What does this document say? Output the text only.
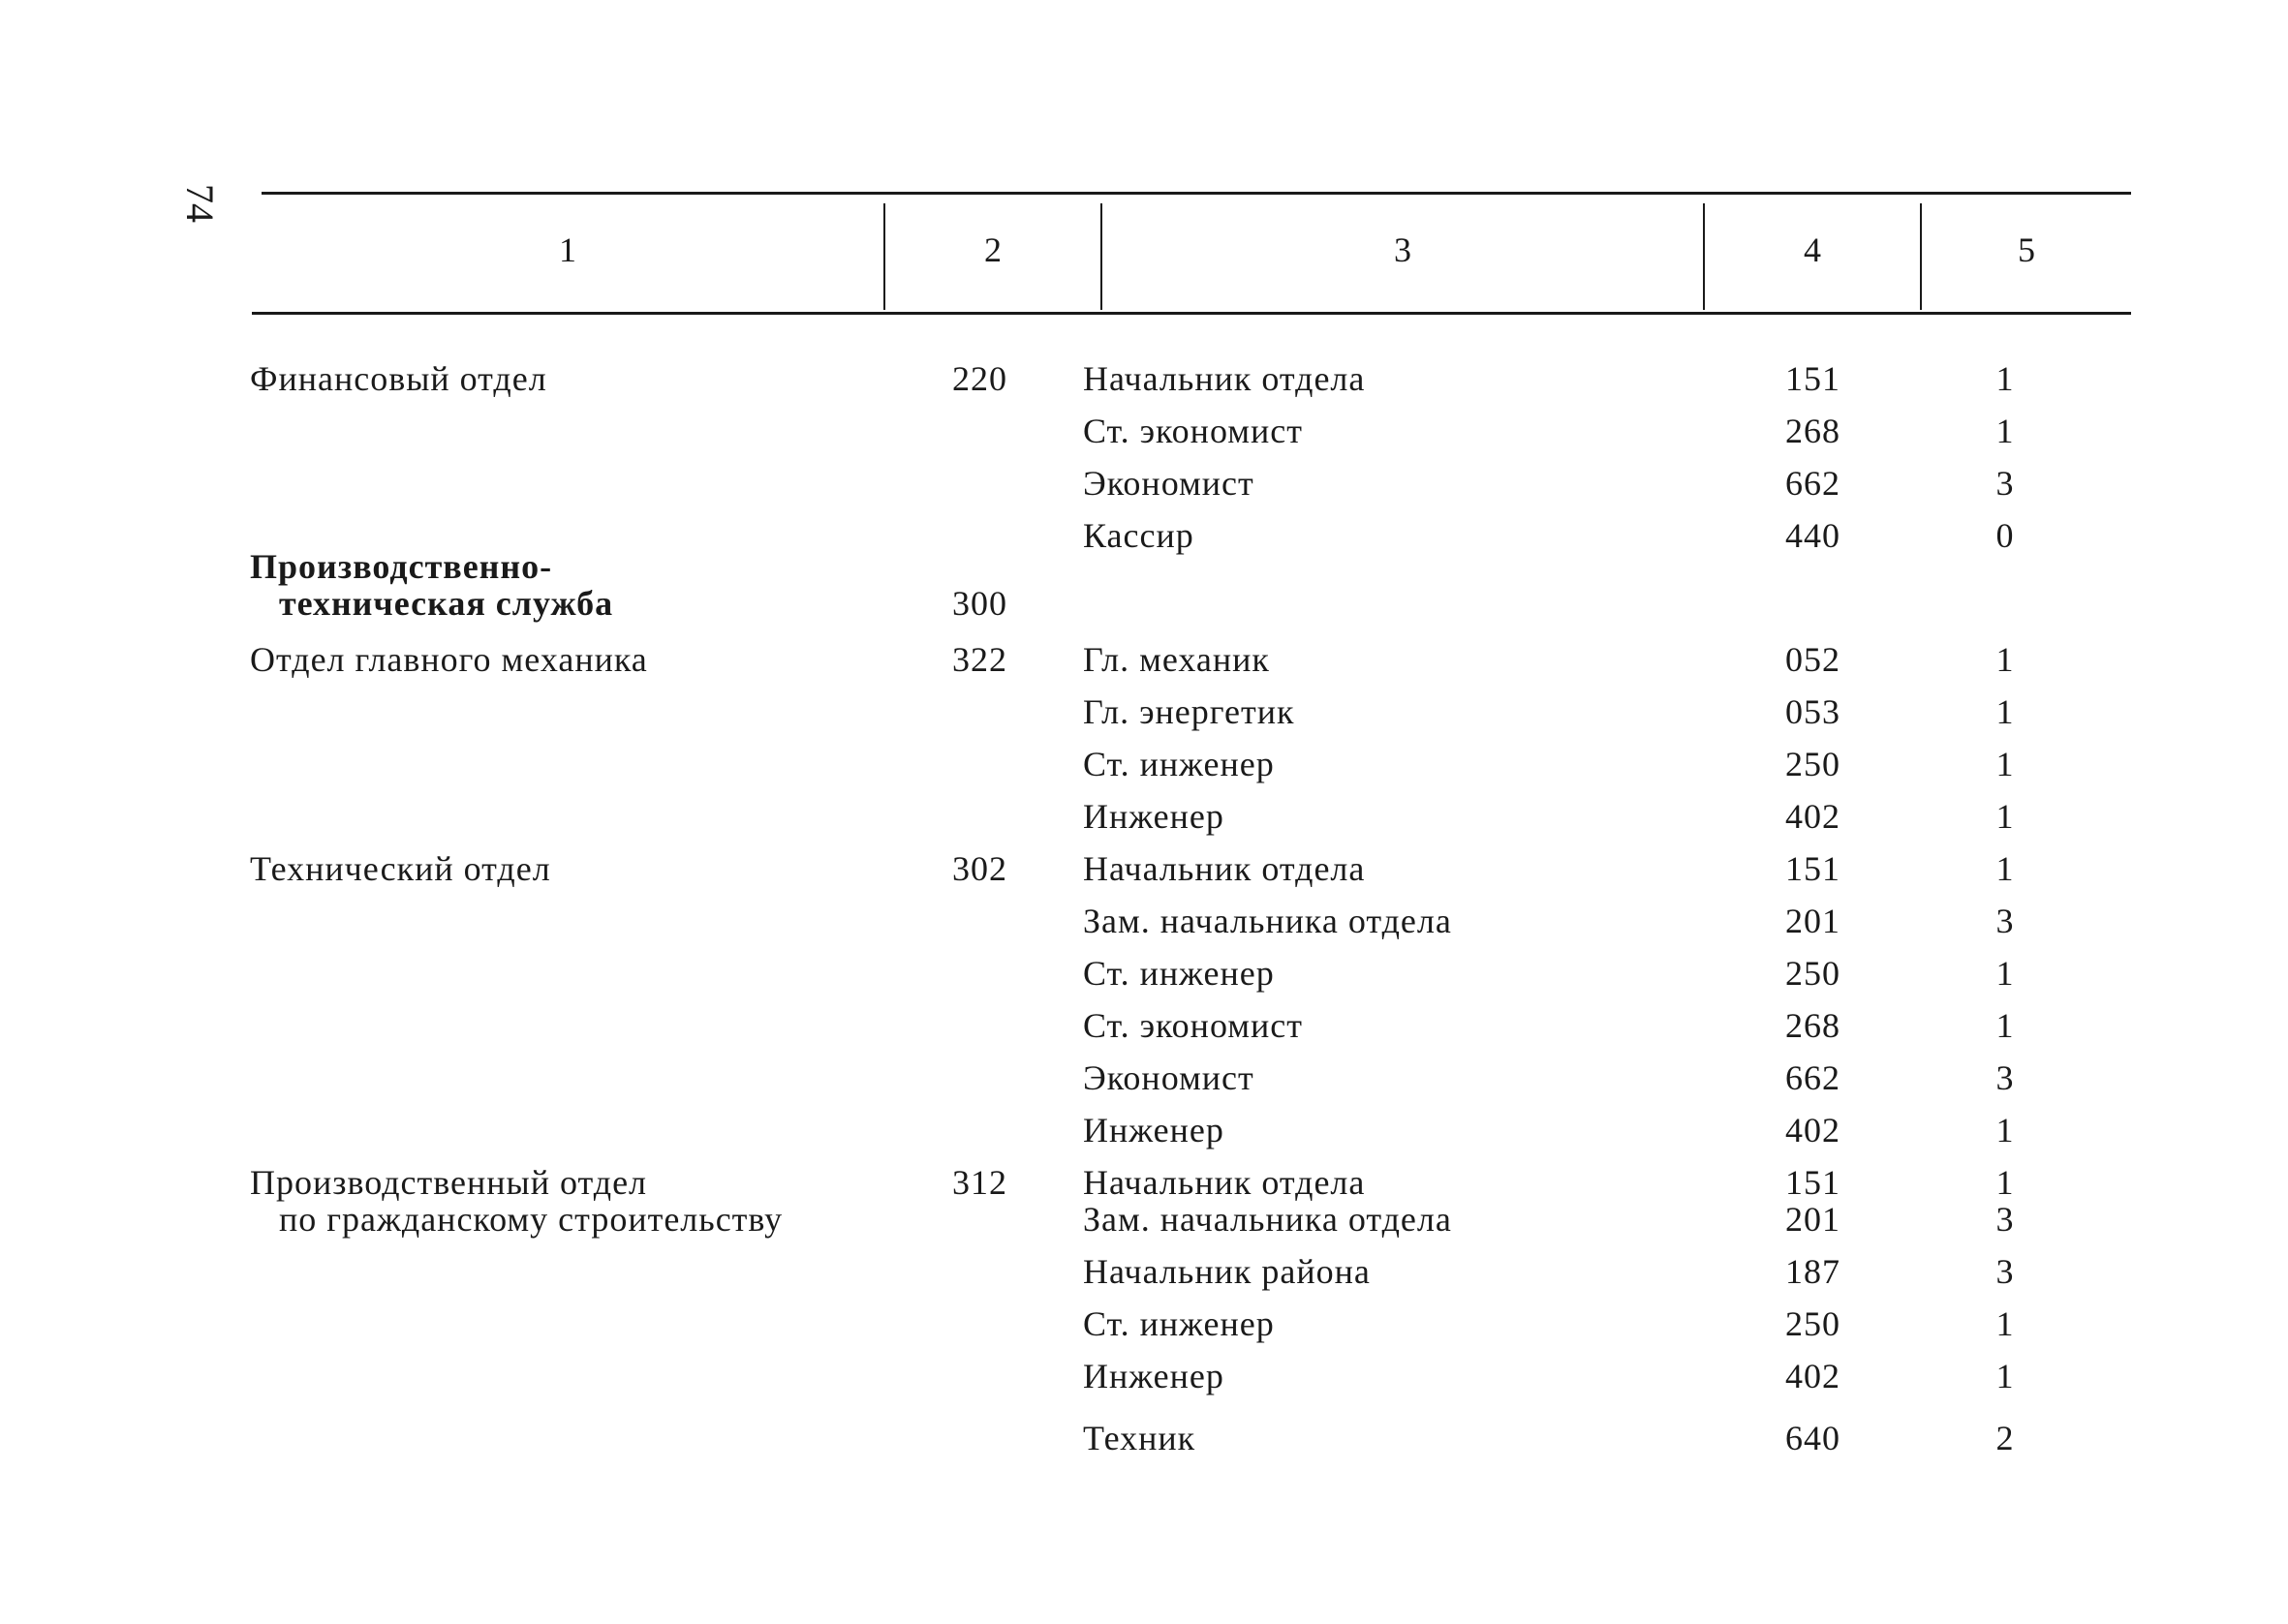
74
1	2	3	4	5
Финансовый отдел	220 Начальник отдела	151	1
Ст. экономист	268	1
Экономист	662	3
Кассир	440	0
Производственно-
техническая служба	300
Отдел главного механика	322 Гл. механик	052	1
Гл. энергетик	053	1
Ст. инженер	250	1
Инженер	402	1
Технический отдел	302 Начальник отдела	151	1
Зам. начальника отдела	201	3
Ст. инженер	250	1
Ст. экономист	268	1
Экономист	662	3
Инженер	402	1
Производственный отдел
по гражданскому строительству
312 Начальник отдела	151	1
Зам. начальника отдела	201	3
Начальник района	187	3
Ст. инженер	250	1
Инженер	402	1
Техник	640	2
